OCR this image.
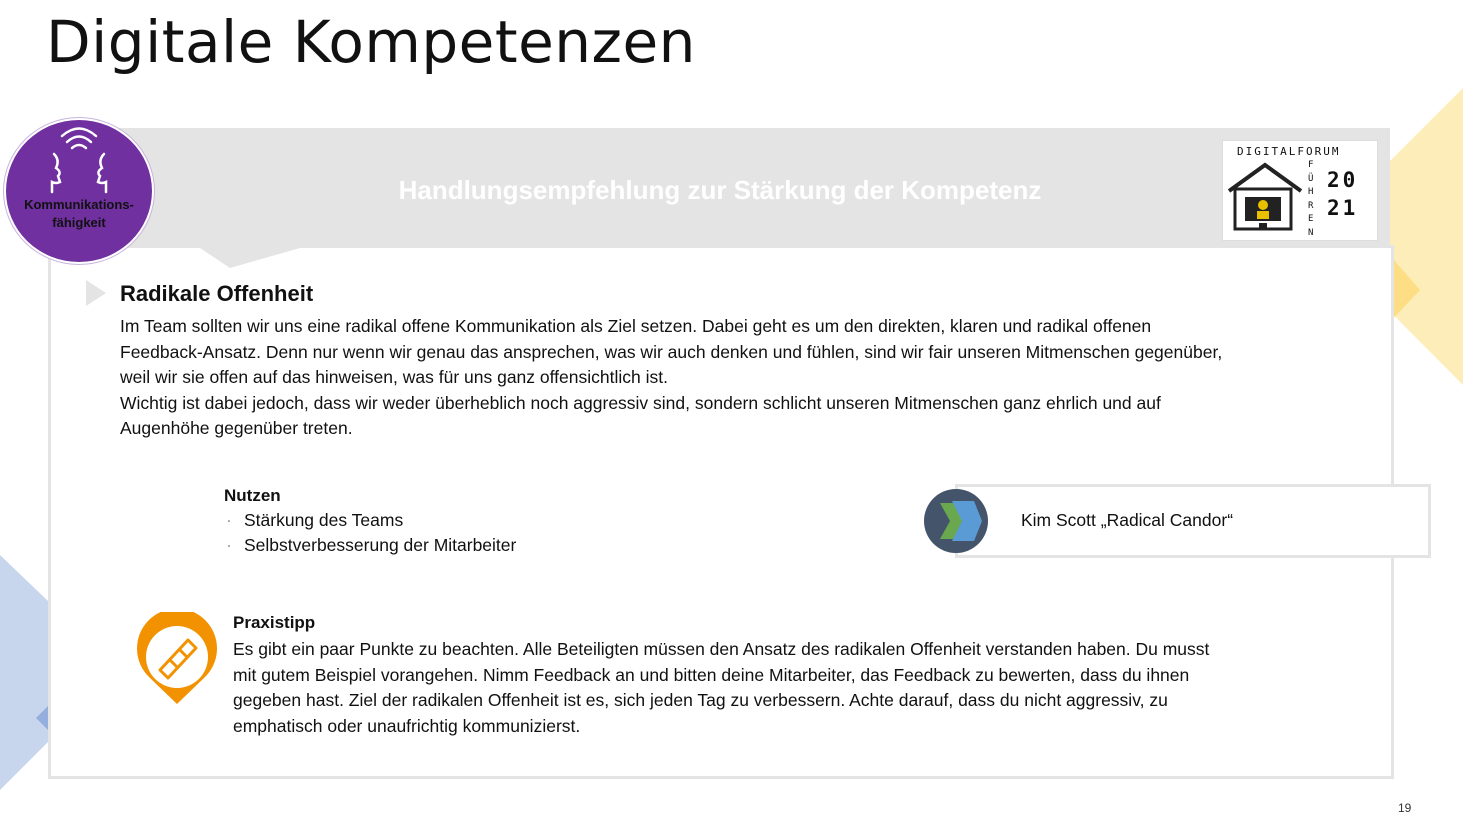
Digitale Kompetenzen
Handlungsempfehlung zur Stärkung der Kompetenz
Kommunikations-
fähigkeit
DIGITALFORUM
F
Ü
H
R
E
N
20
21
Radikale Offenheit
Im Team sollten wir uns eine radikal offene Kommunikation als Ziel setzen. Dabei geht es um den direkten, klaren und radikal offenen
Feedback-Ansatz. Denn nur wenn wir genau das ansprechen, was wir auch denken und fühlen, sind wir fair unseren Mitmenschen gegenüber,
weil wir sie offen auf das hinweisen, was für uns ganz offensichtlich ist.
Wichtig ist dabei jedoch, dass wir weder überheblich noch aggressiv sind, sondern schlicht unseren Mitmenschen ganz ehrlich und auf
Augenhöhe gegenüber treten.
Nutzen
· Stärkung des Teams
· Selbstverbesserung der Mitarbeiter
Kim Scott „Radical Candor“
Praxistipp
Es gibt ein paar Punkte zu beachten. Alle Beteiligten müssen den Ansatz des radikalen Offenheit verstanden haben. Du musst
mit gutem Beispiel vorangehen. Nimm Feedback an und bitten deine Mitarbeiter, das Feedback zu bewerten, dass du ihnen
gegeben hast. Ziel der radikalen Offenheit ist es, sich jeden Tag zu verbessern. Achte darauf, dass du nicht aggressiv, zu
emphatisch oder unaufrichtig kommunizierst.
19
